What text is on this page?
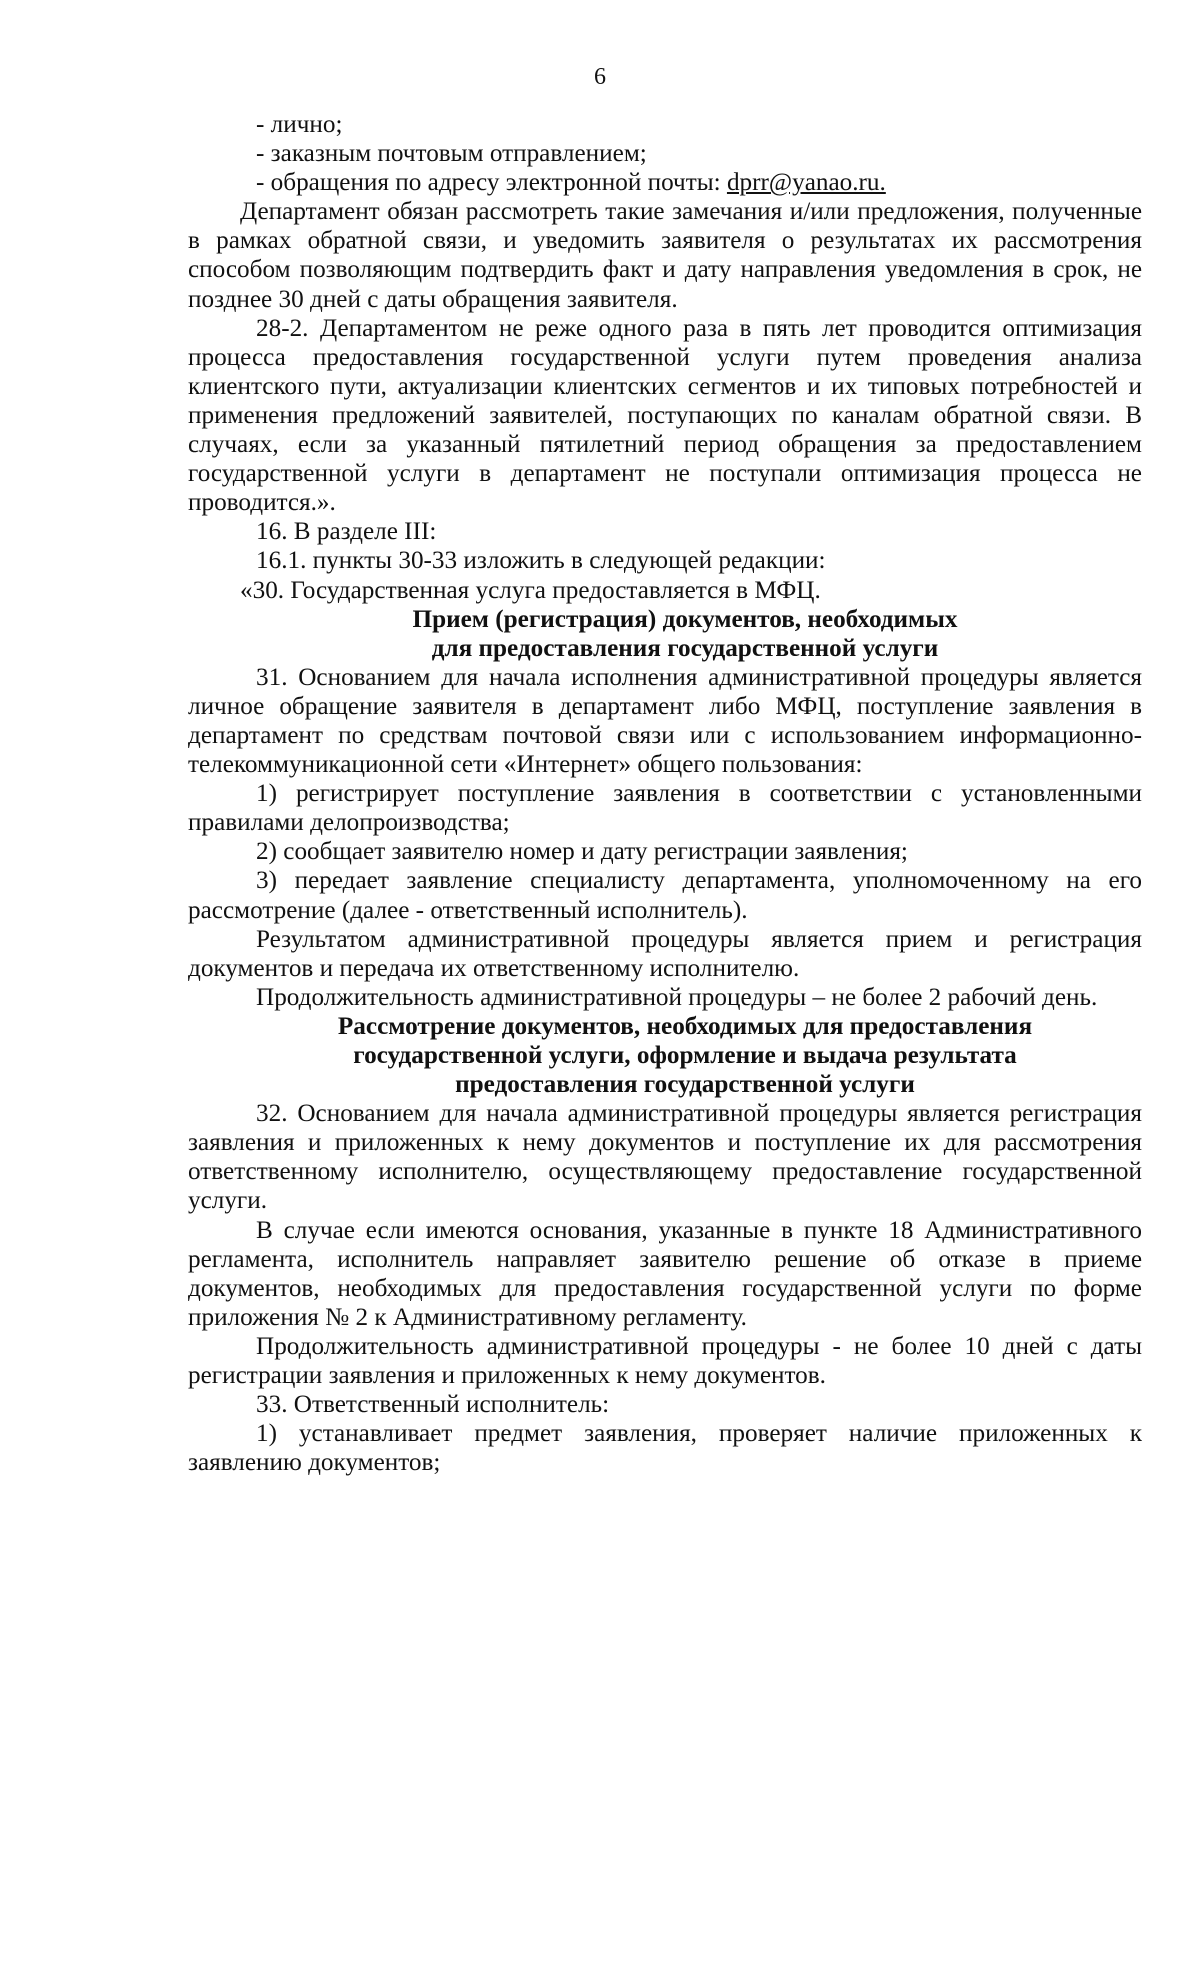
6

- лично;

- заказным почтовым отправлением;

- обращения по адресу электронной почты: dprr@yanao.ru.

Департамент обязан рассмотреть такие замечания и/или предложения, полученные в рамках обратной связи, и уведомить заявителя о результатах их рассмотрения способом позволяющим подтвердить факт и дату направления уведомления в срок, не позднее 30 дней с даты обращения заявителя.

28-2. Департаментом не реже одного раза в пять лет проводится оптимизация процесса предоставления государственной услуги путем проведения анализа клиентского пути, актуализации клиентских сегментов и их типовых потребностей и применения предложений заявителей, поступающих по каналам обратной связи. В случаях, если за указанный пятилетний период обращения за предоставлением государственной услуги в департамент не поступали оптимизация процесса не проводится.».

16. В разделе III:

16.1. пункты 30-33 изложить в следующей редакции:

«30. Государственная услуга предоставляется в МФЦ.

Прием (регистрация) документов, необходимых
для предоставления государственной услуги

31. Основанием для начала исполнения административной процедуры является личное обращение заявителя в департамент либо МФЦ, поступление заявления в департамент по средствам почтовой связи или с использованием информационно-телекоммуникационной сети «Интернет» общего пользования:

1) регистрирует поступление заявления в соответствии с установленными правилами делопроизводства;

2) сообщает заявителю номер и дату регистрации заявления;

3) передает заявление специалисту департамента, уполномоченному на его рассмотрение (далее - ответственный исполнитель).

Результатом административной процедуры является прием и регистрация документов и передача их ответственному исполнителю.

Продолжительность административной процедуры – не более 2 рабочий день.

Рассмотрение документов, необходимых для предоставления
государственной услуги, оформление и выдача результата
предоставления государственной услуги

32. Основанием для начала административной процедуры является регистрация заявления и приложенных к нему документов и поступление их для рассмотрения ответственному исполнителю, осуществляющему предоставление государственной услуги.

В случае если имеются основания, указанные в пункте 18 Административного регламента, исполнитель направляет заявителю решение об отказе в приеме документов, необходимых для предоставления государственной услуги по форме приложения № 2 к Административному регламенту.

Продолжительность административной процедуры - не более 10 дней с даты регистрации заявления и приложенных к нему документов.

33. Ответственный исполнитель:

1) устанавливает предмет заявления, проверяет наличие приложенных к заявлению документов;
